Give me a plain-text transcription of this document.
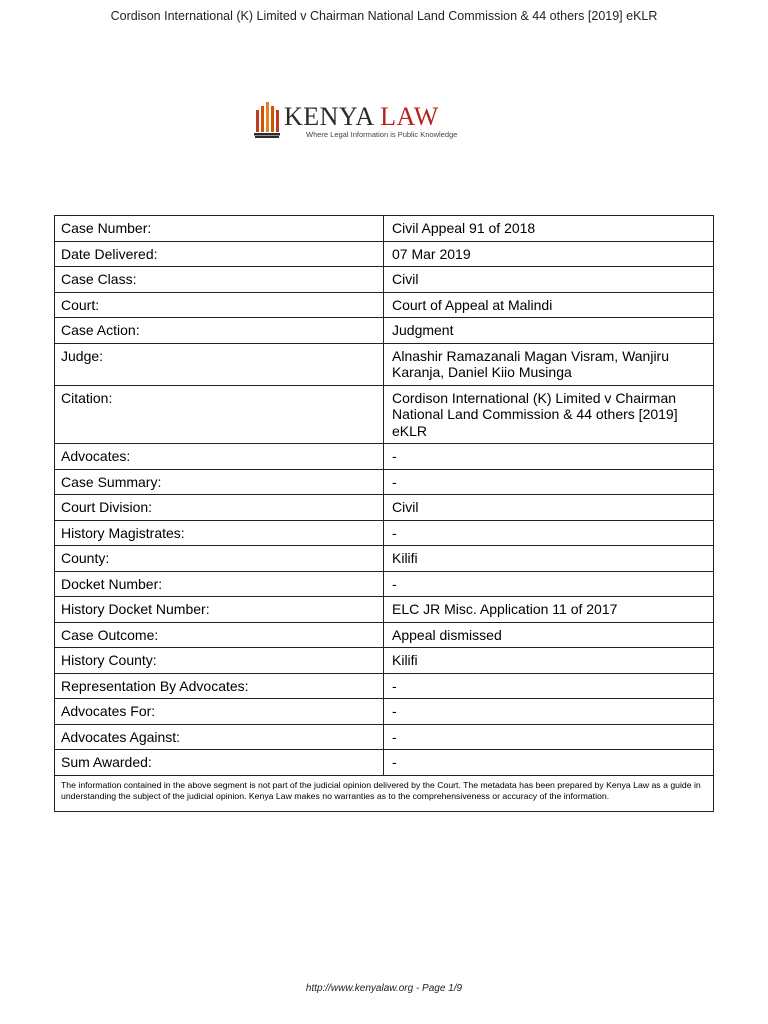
Cordison International (K) Limited v Chairman National Land Commission & 44 others [2019] eKLR
KENYA LAW
Where Legal Information is Public Knowledge
Case Number:	Civil Appeal 91 of 2018
Date Delivered:	07 Mar 2019
Case Class:	Civil
Court:	Court of Appeal at Malindi
Case Action:	Judgment
Judge:	Alnashir Ramazanali Magan Visram, Wanjiru Karanja, Daniel Kiio Musinga
Citation:	Cordison International (K) Limited v Chairman National Land Commission & 44 others [2019] eKLR
Advocates:	-
Case Summary:	-
Court Division:	Civil
History Magistrates:	-
County:	Kilifi
Docket Number:	-
History Docket Number:	ELC JR Misc. Application 11 of 2017
Case Outcome:	Appeal dismissed
History County:	Kilifi
Representation By Advocates:	-
Advocates For:	-
Advocates Against:	-
Sum Awarded:	-
The information contained in the above segment is not part of the judicial opinion delivered by the Court. The metadata has been prepared by Kenya Law as a guide in understanding the subject of the judicial opinion. Kenya Law makes no warranties as to the comprehensiveness or accuracy of the information.	
http://www.kenyalaw.org - Page 1/9
